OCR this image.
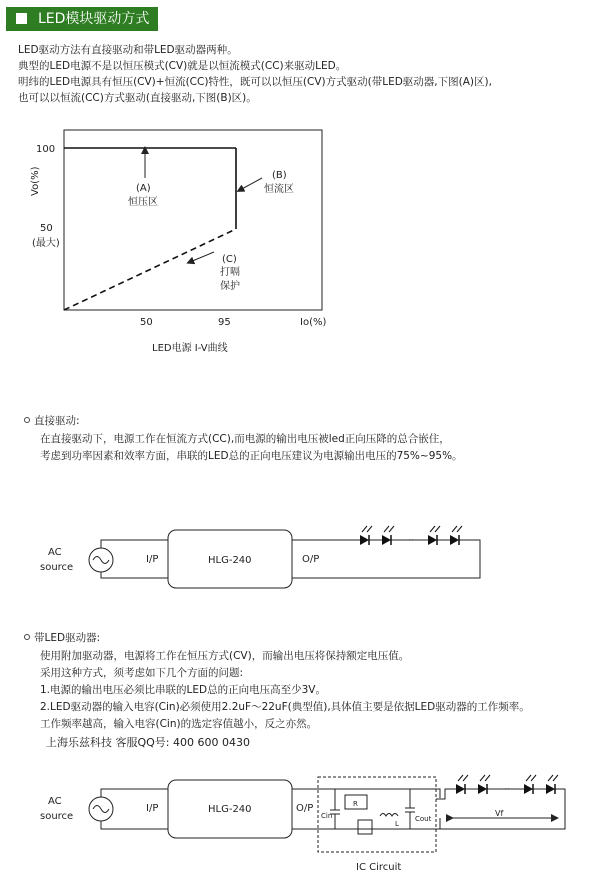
LED模块驱动方式
LED驱动方法有直接驱动和带LED驱动器两种。
典型的LED电源不是以恒压模式(CV)就是以恒流模式(CC)来驱动LED。
明纬的LED电源具有恒压(CV)+恒流(CC)特性，既可以以恒压(CV)方式驱动(带LED驱动器,下图(A)区),
也可以以恒流(CC)方式驱动(直接驱动,下图(B)区)。
Vo(%)
100
50
(最大)
50	95	Io(%)
LED电源 I-V曲线
(A)
恒压区
(B)
恒流区
(C)
打嗝
保护
直接驱动:
在直接驱动下，电源工作在恒流方式(CC),而电源的输出电压被led正向压降的总合嵌住，
考虑到功率因素和效率方面，串联的LED总的正向电压建议为电源输出电压的75%~95%。
AC
source
I/P	HLG-240	O/P
··
带LED驱动器:
使用附加驱动器，电源将工作在恒压方式(CV)，而输出电压将保持额定电压值。
采用这种方式，须考虑如下几个方面的问题:
1.电源的输出电压必须比串联的LED总的正向电压高至少3V。
2.LED驱动器的输入电容(Cin)必须使用2.2uF～22uF(典型值),具体值主要是依据LED驱动器的工作频率。
工作频率越高，输入电容(Cin)的选定容值越小，反之亦然。
上海乐兹科技 客服QQ号: 400 600 0430
AC
source
I/P	HLG-240	O/P
Cin
R
L
Cout
IC Circuit
··
Vf
